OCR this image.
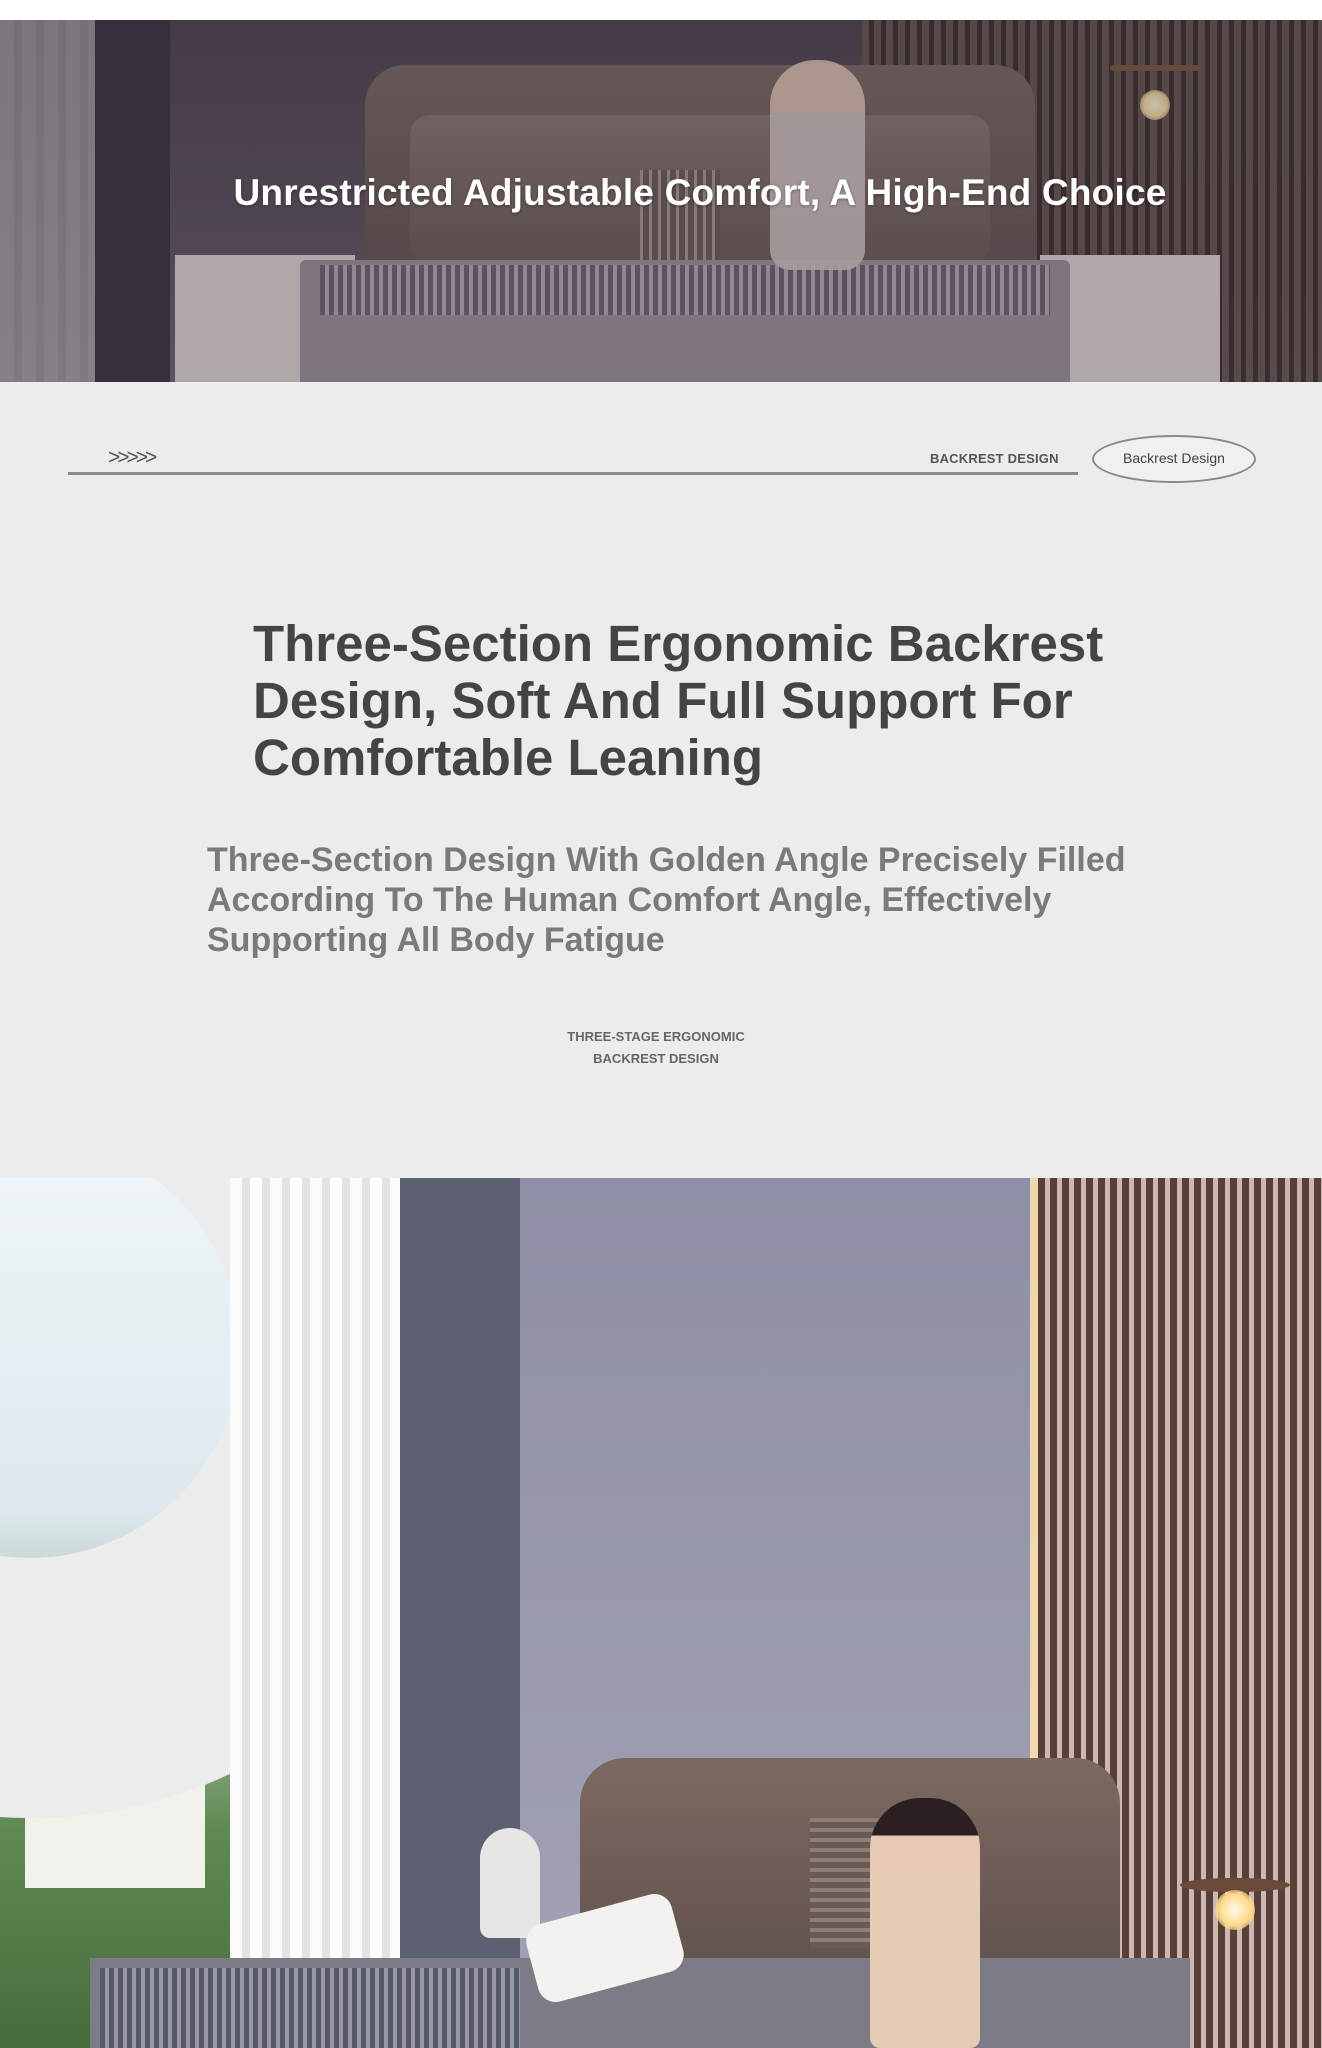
Unrestricted Adjustable Comfort, A High-End Choice
>>>>>	BACKREST DESIGN	Backrest Design
Three-Section Ergonomic Backrest Design, Soft And Full Support For Comfortable Leaning

Three-Section Design With Golden Angle Precisely Filled According To The Human Comfort Angle, Effectively Supporting All Body Fatigue

THREE-STAGE ERGONOMIC
BACKREST DESIGN
